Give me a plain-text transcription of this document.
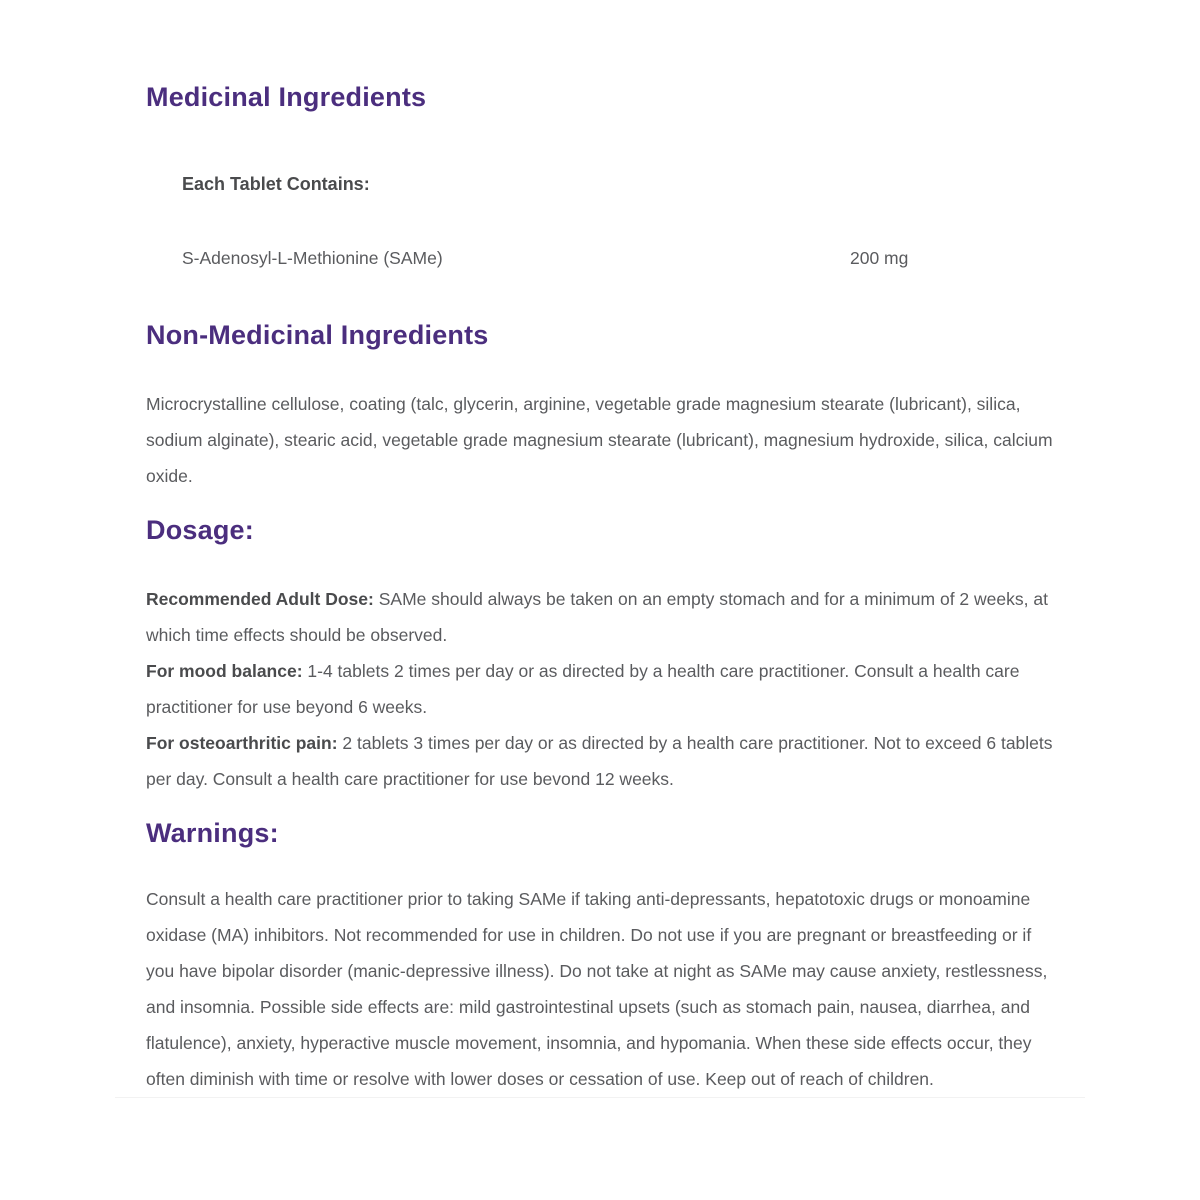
Medicinal Ingredients
Each Tablet Contains:
S-Adenosyl-L-Methionine (SAMe)	200 mg
Non-Medicinal Ingredients

Microcrystalline cellulose, coating (talc, glycerin, arginine, vegetable grade magnesium stearate (lubricant), silica, sodium alginate), stearic acid, vegetable grade magnesium stearate (lubricant), magnesium hydroxide, silica, calcium oxide.

Dosage:

Recommended Adult Dose: SAMe should always be taken on an empty stomach and for a minimum of 2 weeks, at which time effects should be observed.

For mood balance: 1-4 tablets 2 times per day or as directed by a health care practitioner. Consult a health care practitioner for use beyond 6 weeks.

For osteoarthritic pain: 2 tablets 3 times per day or as directed by a health care practitioner. Not to exceed 6 tablets per day. Consult a health care practitioner for use bevond 12 weeks.

Warnings:

Consult a health care practitioner prior to taking SAMe if taking anti-depressants, hepatotoxic drugs or monoamine oxidase (MA) inhibitors. Not recommended for use in children. Do not use if you are pregnant or breastfeeding or if you have bipolar disorder (manic-depressive illness). Do not take at night as SAMe may cause anxiety, restlessness, and insomnia. Possible side effects are: mild gastrointestinal upsets (such as stomach pain, nausea, diarrhea, and flatulence), anxiety, hyperactive muscle movement, insomnia, and hypomania. When these side effects occur, they often diminish with time or resolve with lower doses or cessation of use. Keep out of reach of children.
